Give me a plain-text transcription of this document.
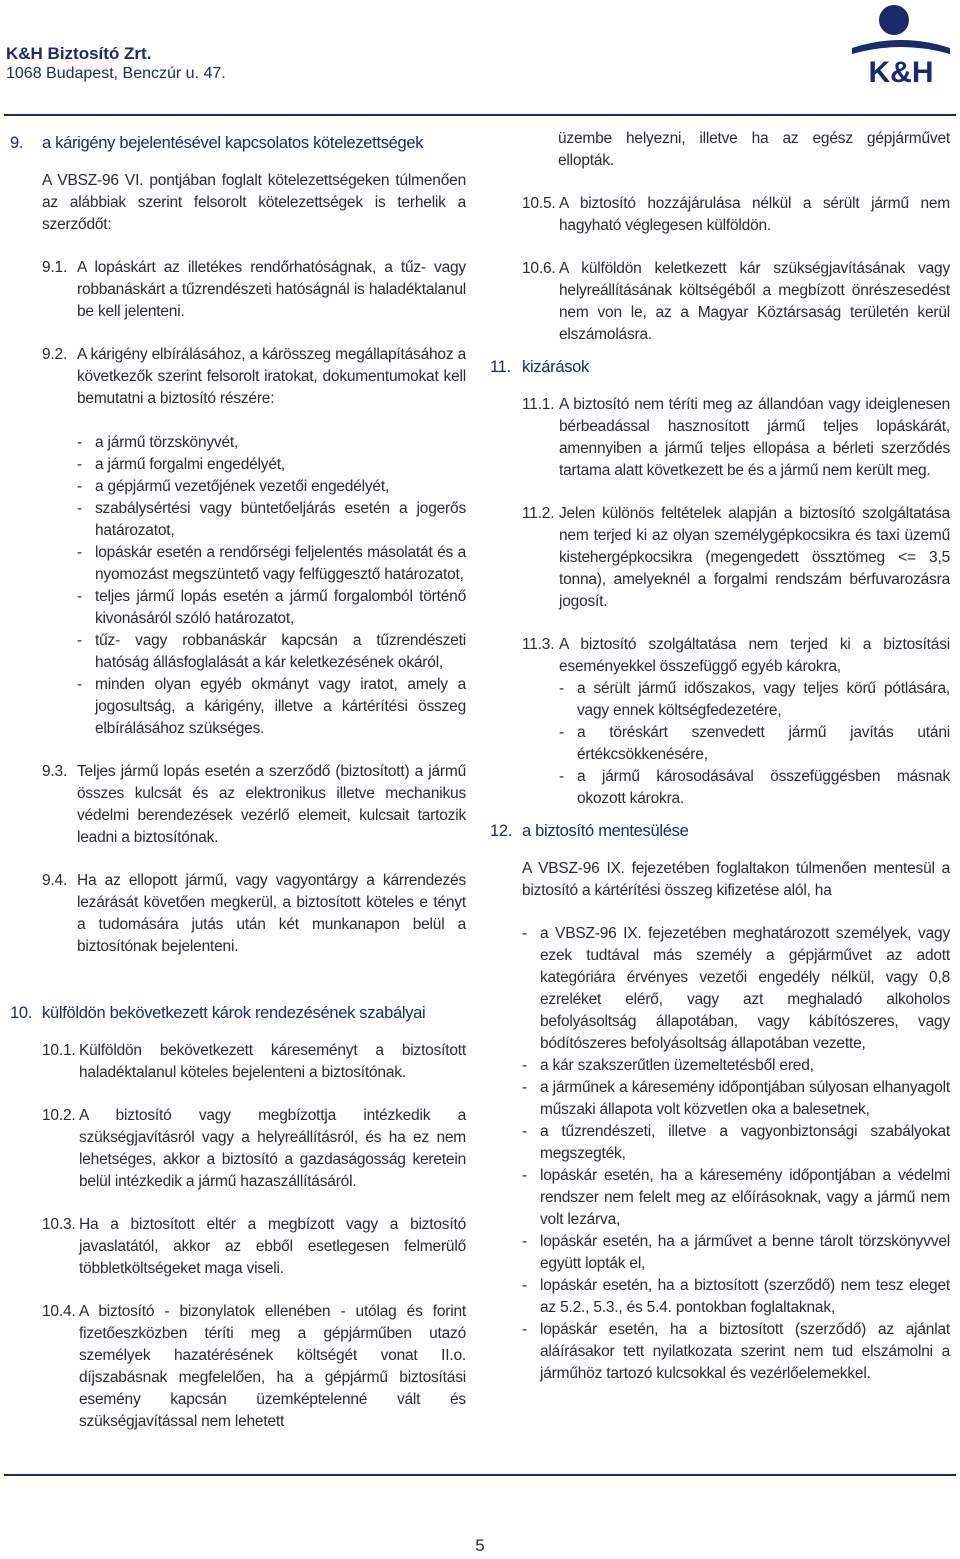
K&H Biztosító Zrt.
1068 Budapest, Benczúr u. 47.	K&H
9. a kárigény bejelentésével kapcsolatos kötelezettségek

A VBSZ-96 VI. pontjában foglalt kötelezettségeken túlmenően az alábbiak szerint felsorolt kötelezettségek is terhelik a szerződőt:

9.1. A lopáskárt az illetékes rendőrhatóságnak, a tűz- vagy robbanáskárt a tűzrendészeti hatóságnál is haladéktalanul be kell jelenteni.

9.2. A kárigény elbírálásához, a kárösszeg megállapításához a következők szerint felsorolt iratokat, dokumentumokat kell bemutatni a biztosító részére:

- a jármű törzskönyvét,
- a jármű forgalmi engedélyét,
- a gépjármű vezetőjének vezetői engedélyét,
- szabálysértési vagy büntetőeljárás esetén a jogerős határozatot,
- lopáskár esetén a rendőrségi feljelentés másolatát és a nyomozást megszüntető vagy felfüggesztő határozatot,
- teljes jármű lopás esetén a jármű forgalomból történő kivonásáról szóló határozatot,
- tűz- vagy robbanáskár kapcsán a tűzrendészeti hatóság állásfoglalását a kár keletkezésének okáról,
- minden olyan egyéb okmányt vagy iratot, amely a jogosultság, a kárigény, illetve a kártérítési összeg elbírálásához szükséges.
9.3. Teljes jármű lopás esetén a szerződő (biztosított) a jármű összes kulcsát és az elektronikus illetve mechanikus védelmi berendezések vezérlő elemeit, kulcsait tartozik leadni a biztosítónak.

9.4. Ha az ellopott jármű, vagy vagyontárgy a kárrendezés lezárását követően megkerül, a biztosított köteles e tényt a tudomására jutás után két munkanapon belül a biztosítónak bejelenteni.

10. külföldön bekövetkezett károk rendezésének szabályai
10.1. Külföldön bekövetkezett káreseményt a biztosított haladéktalanul köteles bejelenteni a biztosítónak.

10.2. A biztosító vagy megbízottja intézkedik a szükségjavításról vagy a helyreállításról, és ha ez nem lehetséges, akkor a biztosító a gazdaságosság keretein belül intézkedik a jármű hazaszállításáról.

10.3. Ha a biztosított eltér a megbízott vagy a biztosító javaslatától, akkor az ebből esetlegesen felmerülő többletköltségeket maga viseli.

10.4. A biztosító - bizonylatok ellenében - utólag és forint fizetőeszközben téríti meg a gépjárműben utazó személyek hazatérésének költségét vonat II.o. díjszabásnak megfelelően, ha a gépjármű biztosítási esemény kapcsán üzemképtelenné vált és szükségjavítással nem lehetett

üzembe helyezni, illetve ha az egész gépjárművet ellopták.

10.5. A biztosító hozzájárulása nélkül a sérült jármű nem hagyható véglegesen külföldön.

10.6. A külföldön keletkezett kár szükségjavításának vagy helyreállításának költségéből a megbízott önrészesedést nem von le, az a Magyar Köztársaság területén kerül elszámolásra.

11. kizárások
11.1. A biztosító nem téríti meg az állandóan vagy ideiglenesen bérbeadással hasznosított jármű teljes lopáskárát, amennyiben a jármű teljes ellopása a bérleti szerződés tartama alatt következett be és a jármű nem került meg.

11.2. Jelen különös feltételek alapján a biztosító szolgáltatása nem terjed ki az olyan személygépkocsikra és taxi üzemű kistehergépkocsikra (megengedett össztömeg <= 3,5 tonna), amelyeknél a forgalmi rendszám bérfuvarozásra jogosít.

11.3. A biztosító szolgáltatása nem terjed ki a biztosítási eseményekkel összefüggő egyéb károkra,

- a sérült jármű időszakos, vagy teljes körű pótlására, vagy ennek költségfedezetére,
- a töréskárt szenvedett jármű javítás utáni értékcsökkenésére,
- a jármű károsodásával összefüggésben másnak okozott károkra.
12. a biztosító mentesülése

A VBSZ-96 IX. fejezetében foglaltakon túlmenően mentesül a biztosító a kártérítési összeg kifizetése alól, ha

- a VBSZ-96 IX. fejezetében meghatározott személyek, vagy ezek tudtával más személy a gépjárművet az adott kategóriára érvényes vezetői engedély nélkül, vagy 0,8 ezreléket elérő, vagy azt meghaladó alkoholos befolyásoltság állapotában, vagy kábítószeres, vagy bódítószeres befolyásoltság állapotában vezette,
- a kár szakszerűtlen üzemeltetésből ered,
- a járműnek a káresemény időpontjában súlyosan elhanyagolt műszaki állapota volt közvetlen oka a balesetnek,
- a tűzrendészeti, illetve a vagyonbiztonsági szabályokat megszegték,
- lopáskár esetén, ha a káresemény időpontjában a védelmi rendszer nem felelt meg az előírásoknak, vagy a jármű nem volt lezárva,
- lopáskár esetén, ha a járművet a benne tárolt törzskönyvvel együtt lopták el,
- lopáskár esetén, ha a biztosított (szerződő) nem tesz eleget az 5.2., 5.3., és 5.4. pontokban foglaltaknak,
- lopáskár esetén, ha a biztosított (szerződő) az ajánlat aláírásakor tett nyilatkozata szerint nem tud elszámolni a járműhöz tartozó kulcsokkal és vezérlőelemekkel.
5
